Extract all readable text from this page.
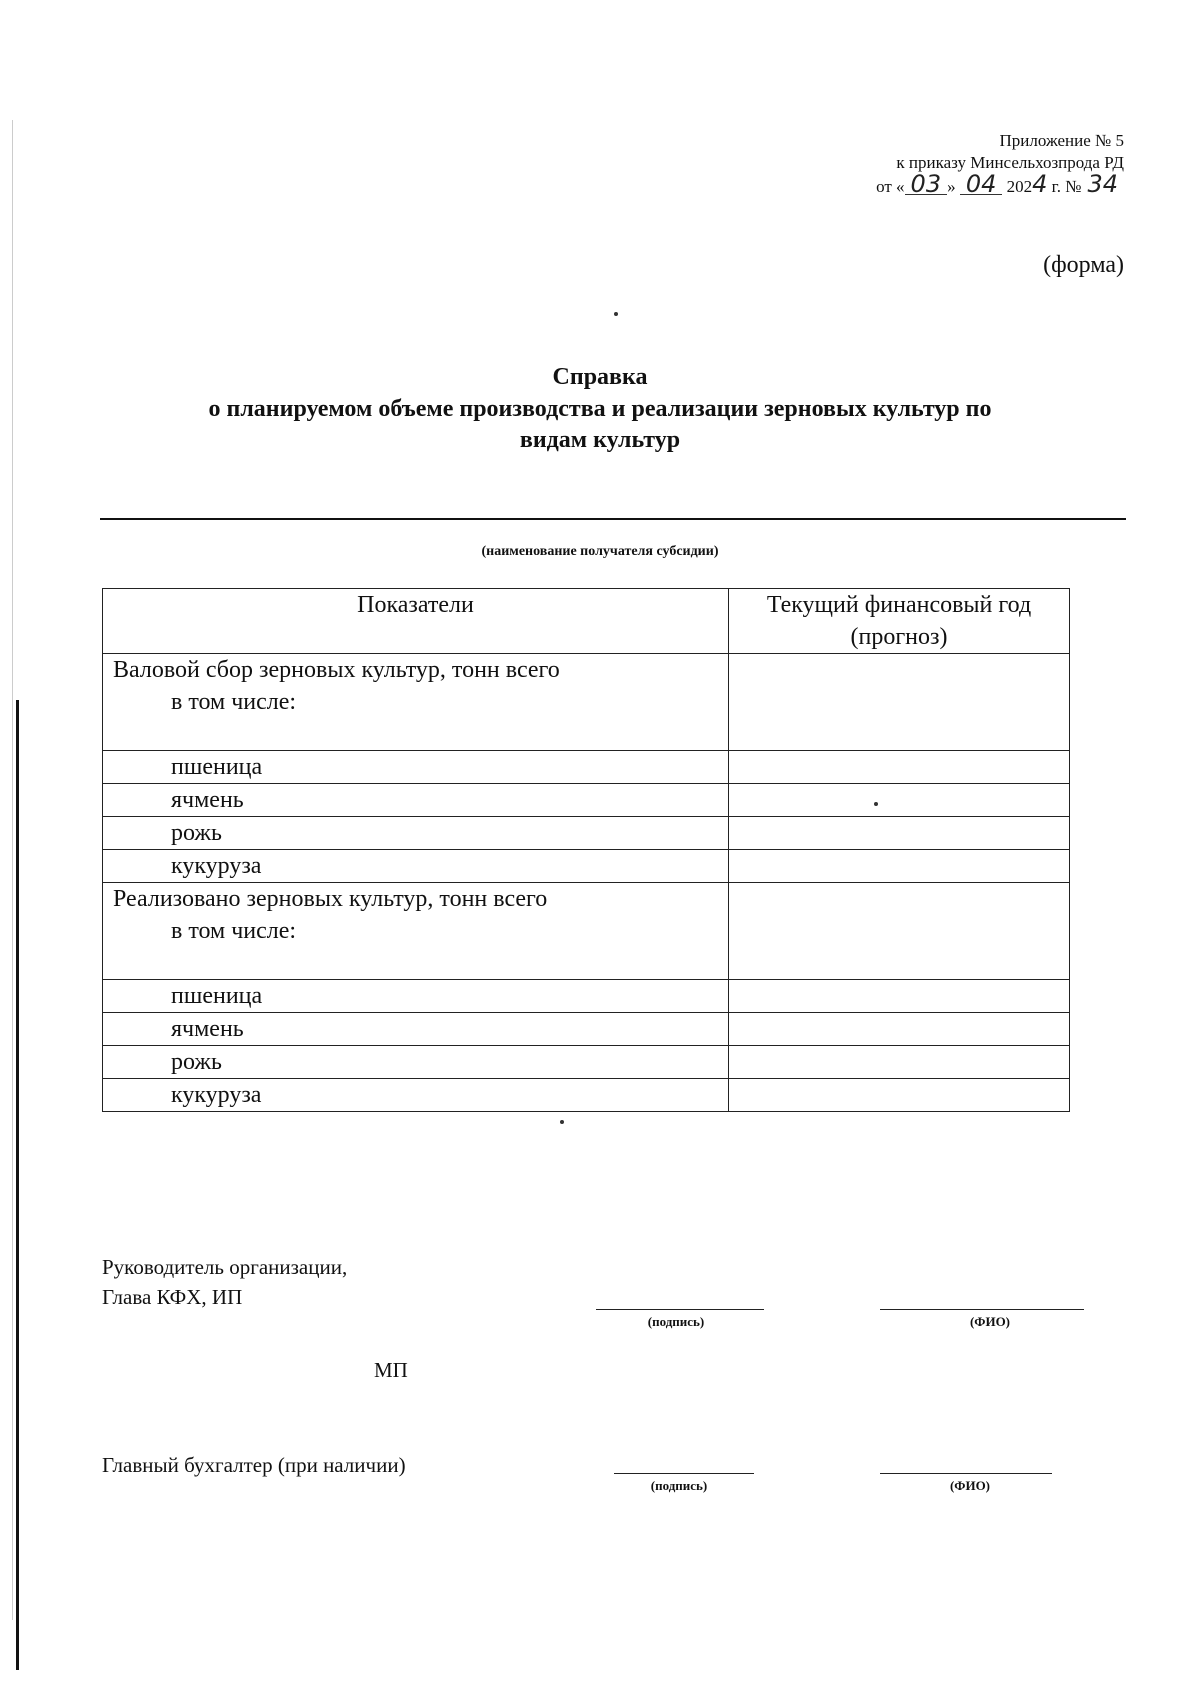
Приложение № 5
к приказу Минсельхозпрода РД
от « 03 » 04 2024 г. № 34
(форма)
Справка
о планируемом объеме производства и реализации зерновых культур по
видам культур
(наименование получателя субсидии)
Показатели	Текущий финансовый год (прогноз)

Валовой сбор зерновых культур, тонн всего
в том числе:	

пшеница	
ячмень	
рожь	
кукуруза	

Реализовано зерновых культур, тонн всего
в том числе:	

пшеница	
ячмень	
рожь	
кукуруза	
Руководитель организации,
Глава КФХ, ИП
(подпись)	(ФИО)
МП
Главный бухгалтер (при наличии)
(подпись)	(ФИО)
